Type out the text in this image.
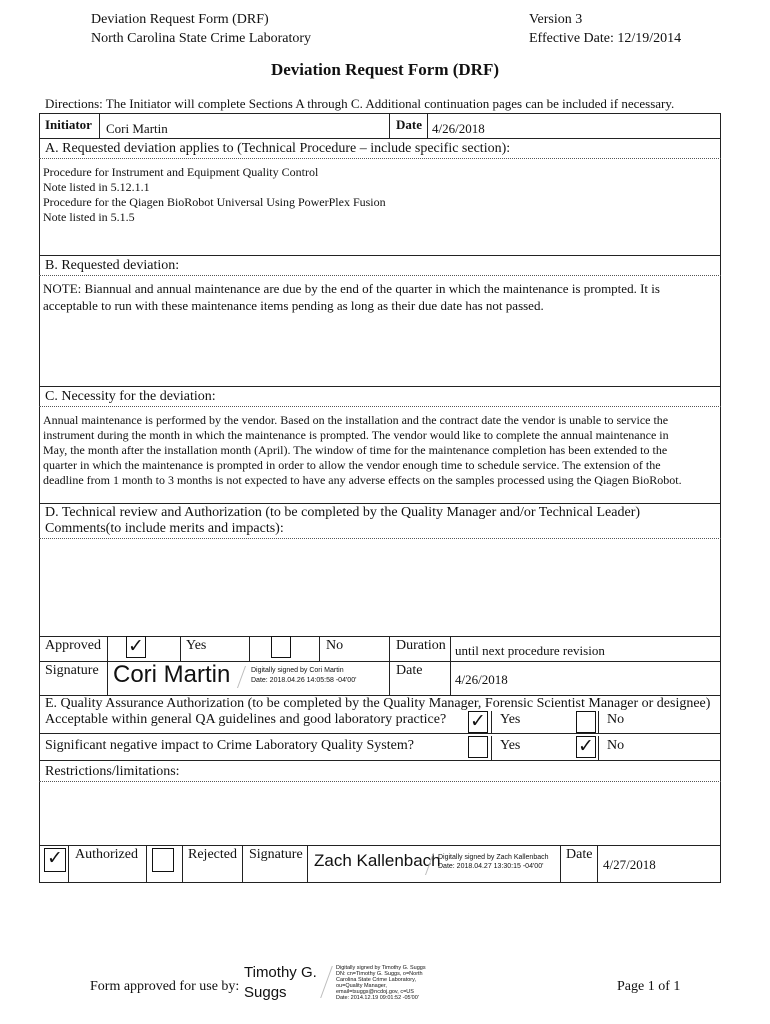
Deviation Request Form (DRF)
North Carolina State Crime Laboratory
Version 3
Effective Date: 12/19/2014
Deviation Request Form (DRF)
Directions: The Initiator will complete Sections A through C. Additional continuation pages can be included if necessary.
Initiator Cori Martin	Date 4/26/2018
A. Requested deviation applies to (Technical Procedure – include specific section):
Procedure for Instrument and Equipment Quality Control
Note listed in 5.12.1.1
Procedure for the Qiagen BioRobot Universal Using PowerPlex Fusion
Note listed in 5.1.5
B. Requested deviation:
NOTE: Biannual and annual maintenance are due by the end of the quarter in which the maintenance is prompted. It is
acceptable to run with these maintenance items pending as long as their due date has not passed.
C. Necessity for the deviation:
Annual maintenance is performed by the vendor. Based on the installation and the contract date the vendor is unable to service the
instrument during the month in which the maintenance is prompted. The vendor would like to complete the annual maintenance in
May, the month after the installation month (April). The window of time for the maintenance completion has been extended to the
quarter in which the maintenance is prompted in order to allow the vendor enough time to schedule service. The extension of the
deadline from 1 month to 3 months is not expected to have any adverse effects on the samples processed using the Qiagen BioRobot.
D. Technical review and Authorization (to be completed by the Quality Manager and/or Technical Leader)
Comments(to include merits and impacts):
Approved ✓	Yes	No	Duration until next procedure revision
Signature Cori Martin	Digitally signed by Cori Martin
Date: 2018.04.26 14:05:58 -04'00'
Date
4/26/2018
E. Quality Assurance Authorization (to be completed by the Quality Manager, Forensic Scientist Manager or designee)
Acceptable within general QA guidelines and good laboratory practice? ✓ Yes	No
Significant negative impact to Crime Laboratory Quality System?	Yes	✓ No
Restrictions/limitations:
✓ Authorized	Rejected Signature Zach Kallenbach
Digitally signed by Zach Kallenbach
Date: 2018.04.27 13:30:15 -04'00'
Date
4/27/2018
Form approved for use by:
Timothy G.
Suggs
Digitally signed by Timothy G. Suggs
DN: cn=Timothy G. Suggs, o=North
Carolina State Crime Laboratory,
ou=Quality Manager,
email=tsuggs@ncdoj.gov, c=US
Date: 2014.12.19 09:01:52 -05'00'
Page 1 of 1
